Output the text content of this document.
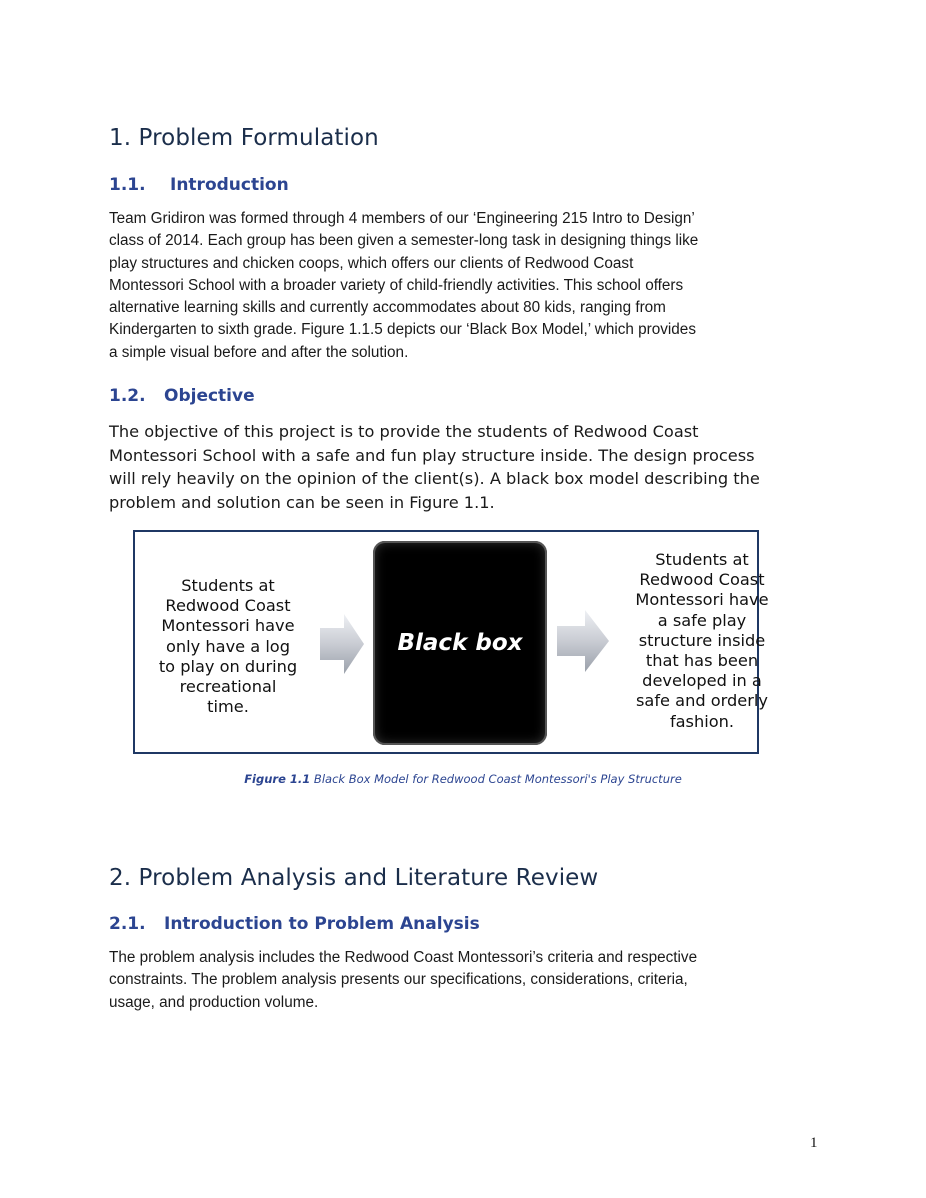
1. Problem Formulation
1.1. Introduction
Team Gridiron was formed through 4 members of our ‘Engineering 215 Intro to Design’
class of 2014. Each group has been given a semester-long task in designing things like
play structures and chicken coops, which offers our clients of Redwood Coast
Montessori School with a broader variety of child-friendly activities. This school offers
alternative learning skills and currently accommodates about 80 kids, ranging from
Kindergarten to sixth grade. Figure 1.1.5 depicts our ‘Black Box Model,’ which provides
a simple visual before and after the solution.
1.2. Objective
The objective of this project is to provide the students of Redwood Coast
Montessori School with a safe and fun play structure inside. The design process
will rely heavily on the opinion of the client(s). A black box model describing the
problem and solution can be seen in Figure 1.1.
Students at
Redwood Coast
Montessori have
only have a log
to play on during
recreational
time.
Black box
Students at
Redwood Coast
Montessori have
a safe play
structure inside
that has been
developed in a
safe and orderly
fashion.
Figure 1.1 Black Box Model for Redwood Coast Montessori's Play Structure
2. Problem Analysis and Literature Review
2.1. Introduction to Problem Analysis
The problem analysis includes the Redwood Coast Montessori’s criteria and respective
constraints. The problem analysis presents our specifications, considerations, criteria,
usage, and production volume.
1
